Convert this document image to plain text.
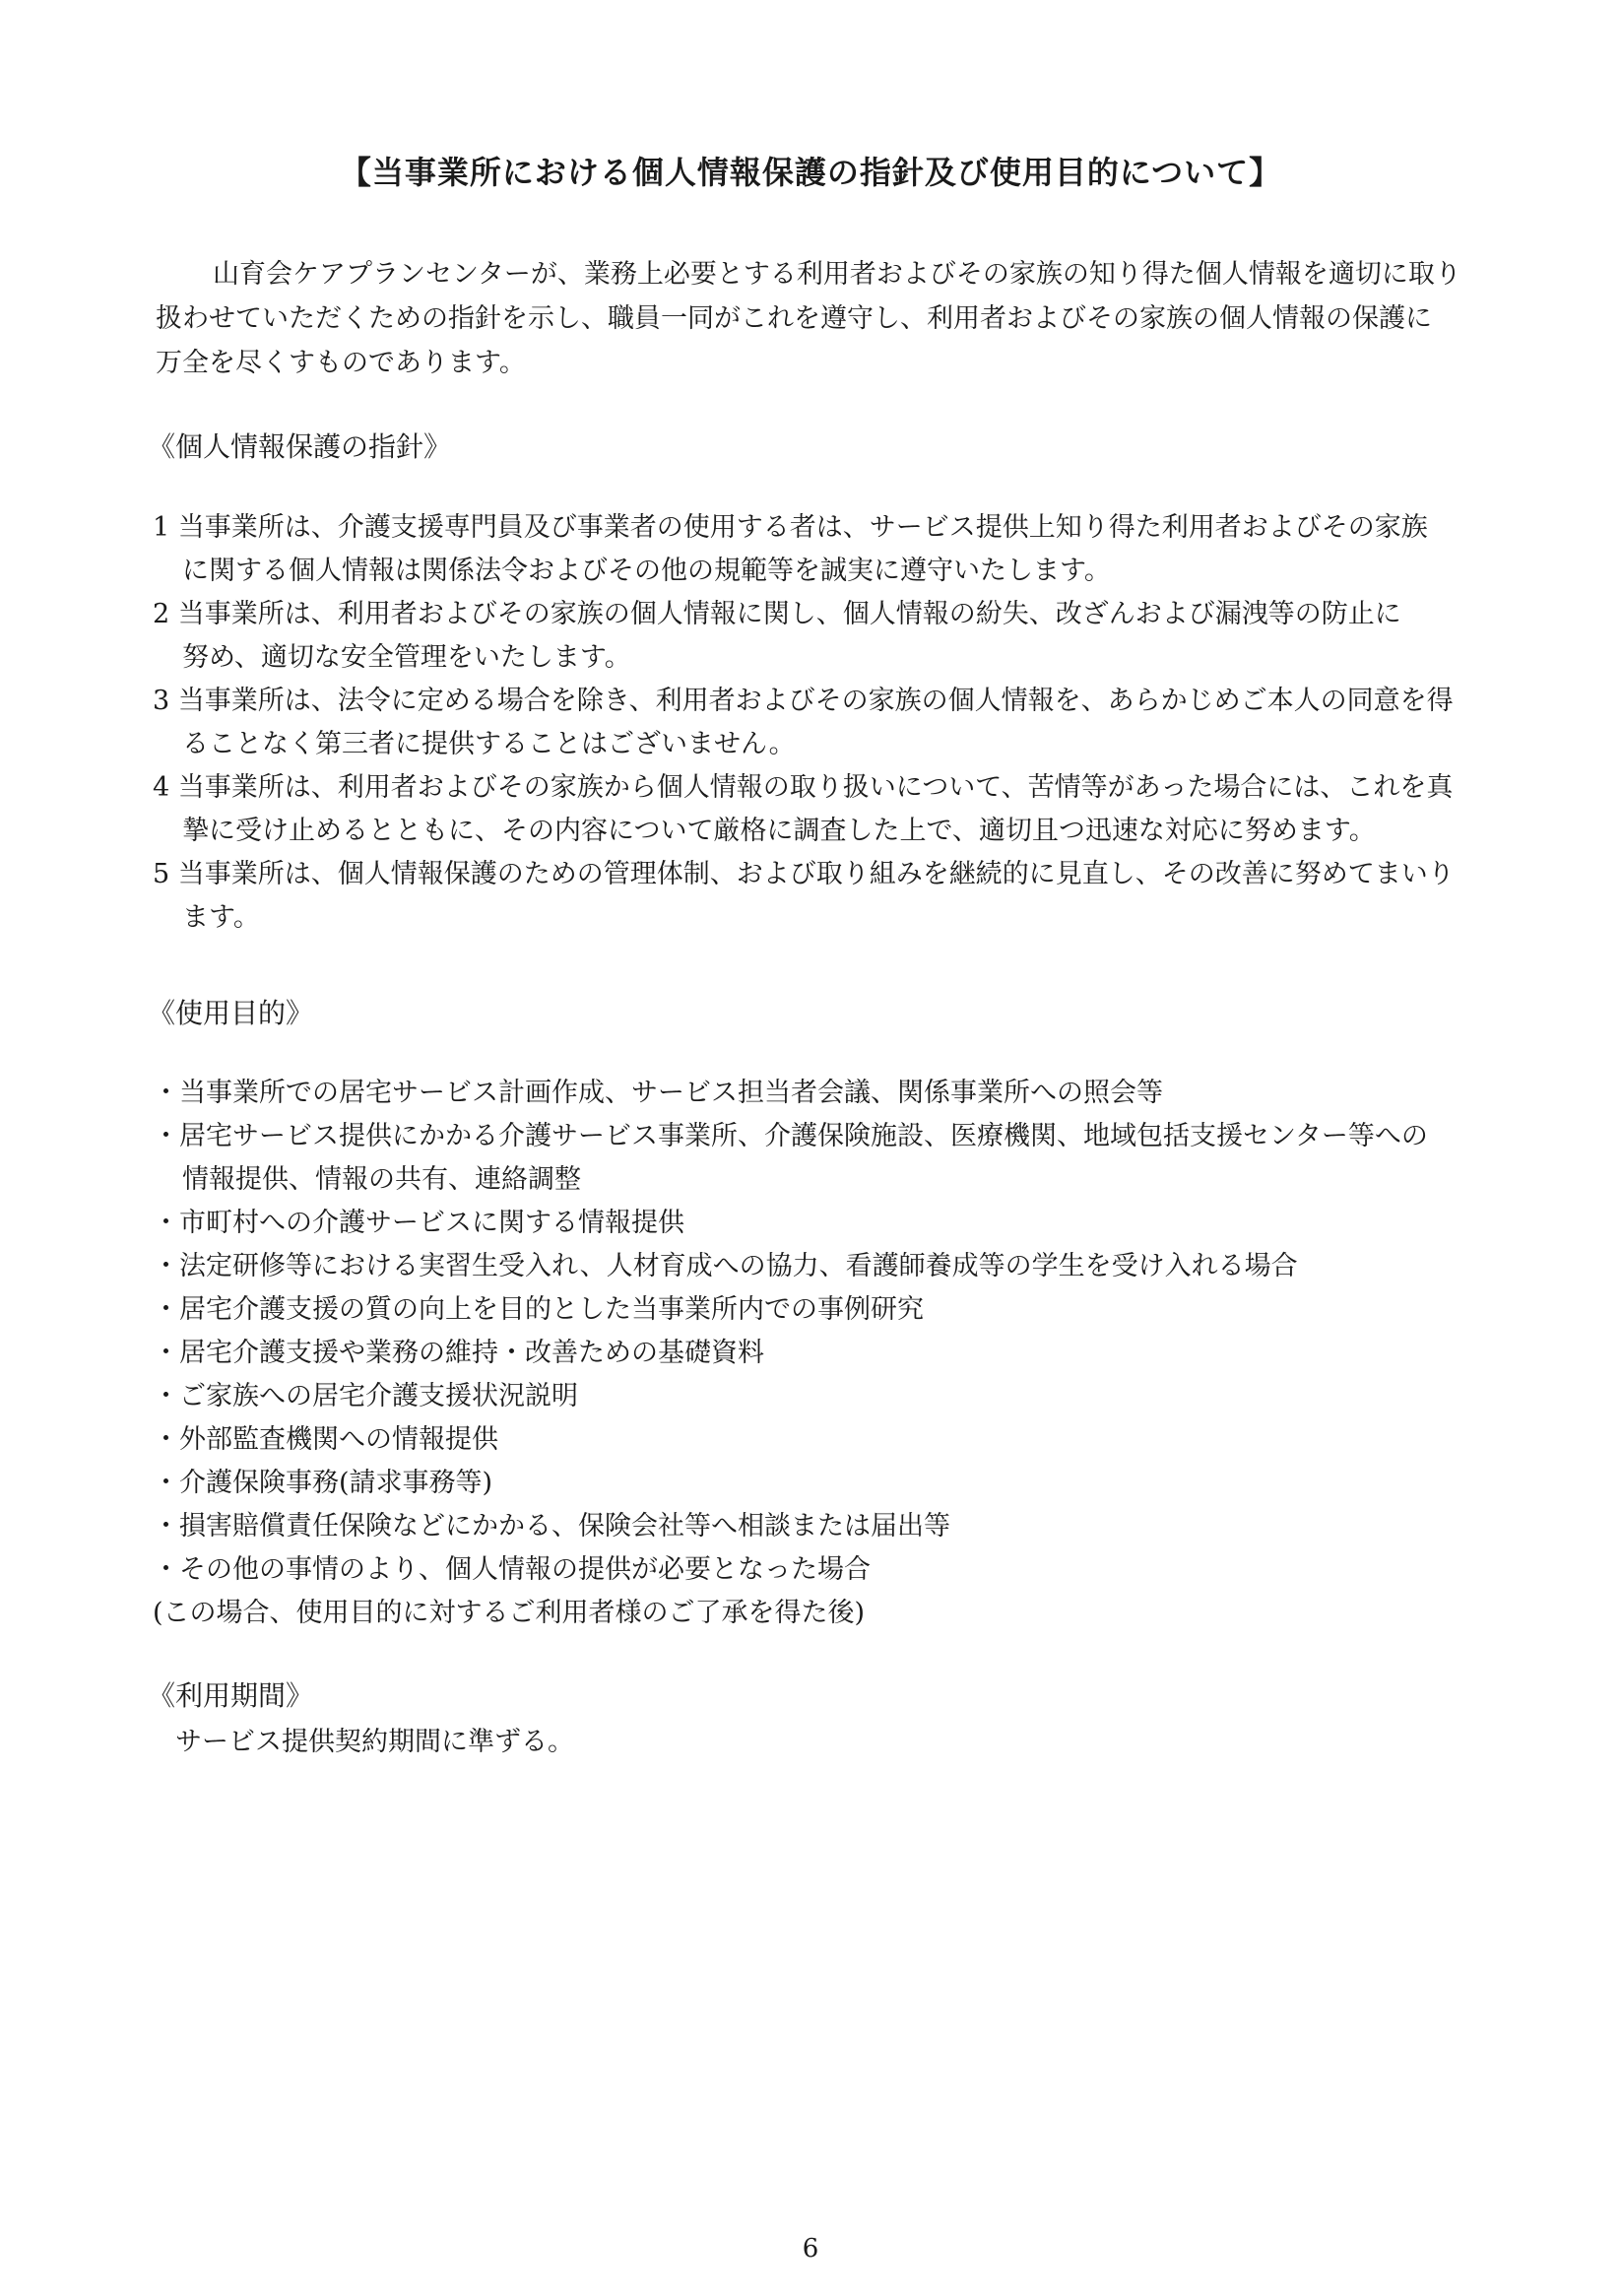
【当事業所における個人情報保護の指針及び使用目的について】

山育会ケアプランセンターが、業務上必要とする利用者およびその家族の知り得た個人情報を適切に取り

扱わせていただくための指針を示し、職員一同がこれを遵守し、利用者およびその家族の個人情報の保護に

万全を尽くすものであります。

《個人情報保護の指針》
1 当事業所は、介護支援専門員及び事業者の使用する者は、サービス提供上知り得た利用者およびその家族
に関する個人情報は関係法令およびその他の規範等を誠実に遵守いたします。
2 当事業所は、利用者およびその家族の個人情報に関し、個人情報の紛失、改ざんおよび漏洩等の防止に
努め、適切な安全管理をいたします。
3 当事業所は、法令に定める場合を除き、利用者およびその家族の個人情報を、あらかじめご本人の同意を得
ることなく第三者に提供することはございません。
4 当事業所は、利用者およびその家族から個人情報の取り扱いについて、苦情等があった場合には、これを真
摯に受け止めるとともに、その内容について厳格に調査した上で、適切且つ迅速な対応に努めます。
5 当事業所は、個人情報保護のための管理体制、および取り組みを継続的に見直し、その改善に努めてまいり
ます。
《使用目的》
・当事業所での居宅サービス計画作成、サービス担当者会議、関係事業所への照会等
・居宅サービス提供にかかる介護サービス事業所、介護保険施設、医療機関、地域包括支援センター等への
情報提供、情報の共有、連絡調整
・市町村への介護サービスに関する情報提供
・法定研修等における実習生受入れ、人材育成への協力、看護師養成等の学生を受け入れる場合
・居宅介護支援の質の向上を目的とした当事業所内での事例研究
・居宅介護支援や業務の維持・改善ための基礎資料
・ご家族への居宅介護支援状況説明
・外部監査機関への情報提供
・介護保険事務(請求事務等)
・損害賠償責任保険などにかかる、保険会社等へ相談または届出等
・その他の事情のより、個人情報の提供が必要となった場合
(この場合、使用目的に対するご利用者様のご了承を得た後)
《利用期間》

サービス提供契約期間に準ずる。

6
